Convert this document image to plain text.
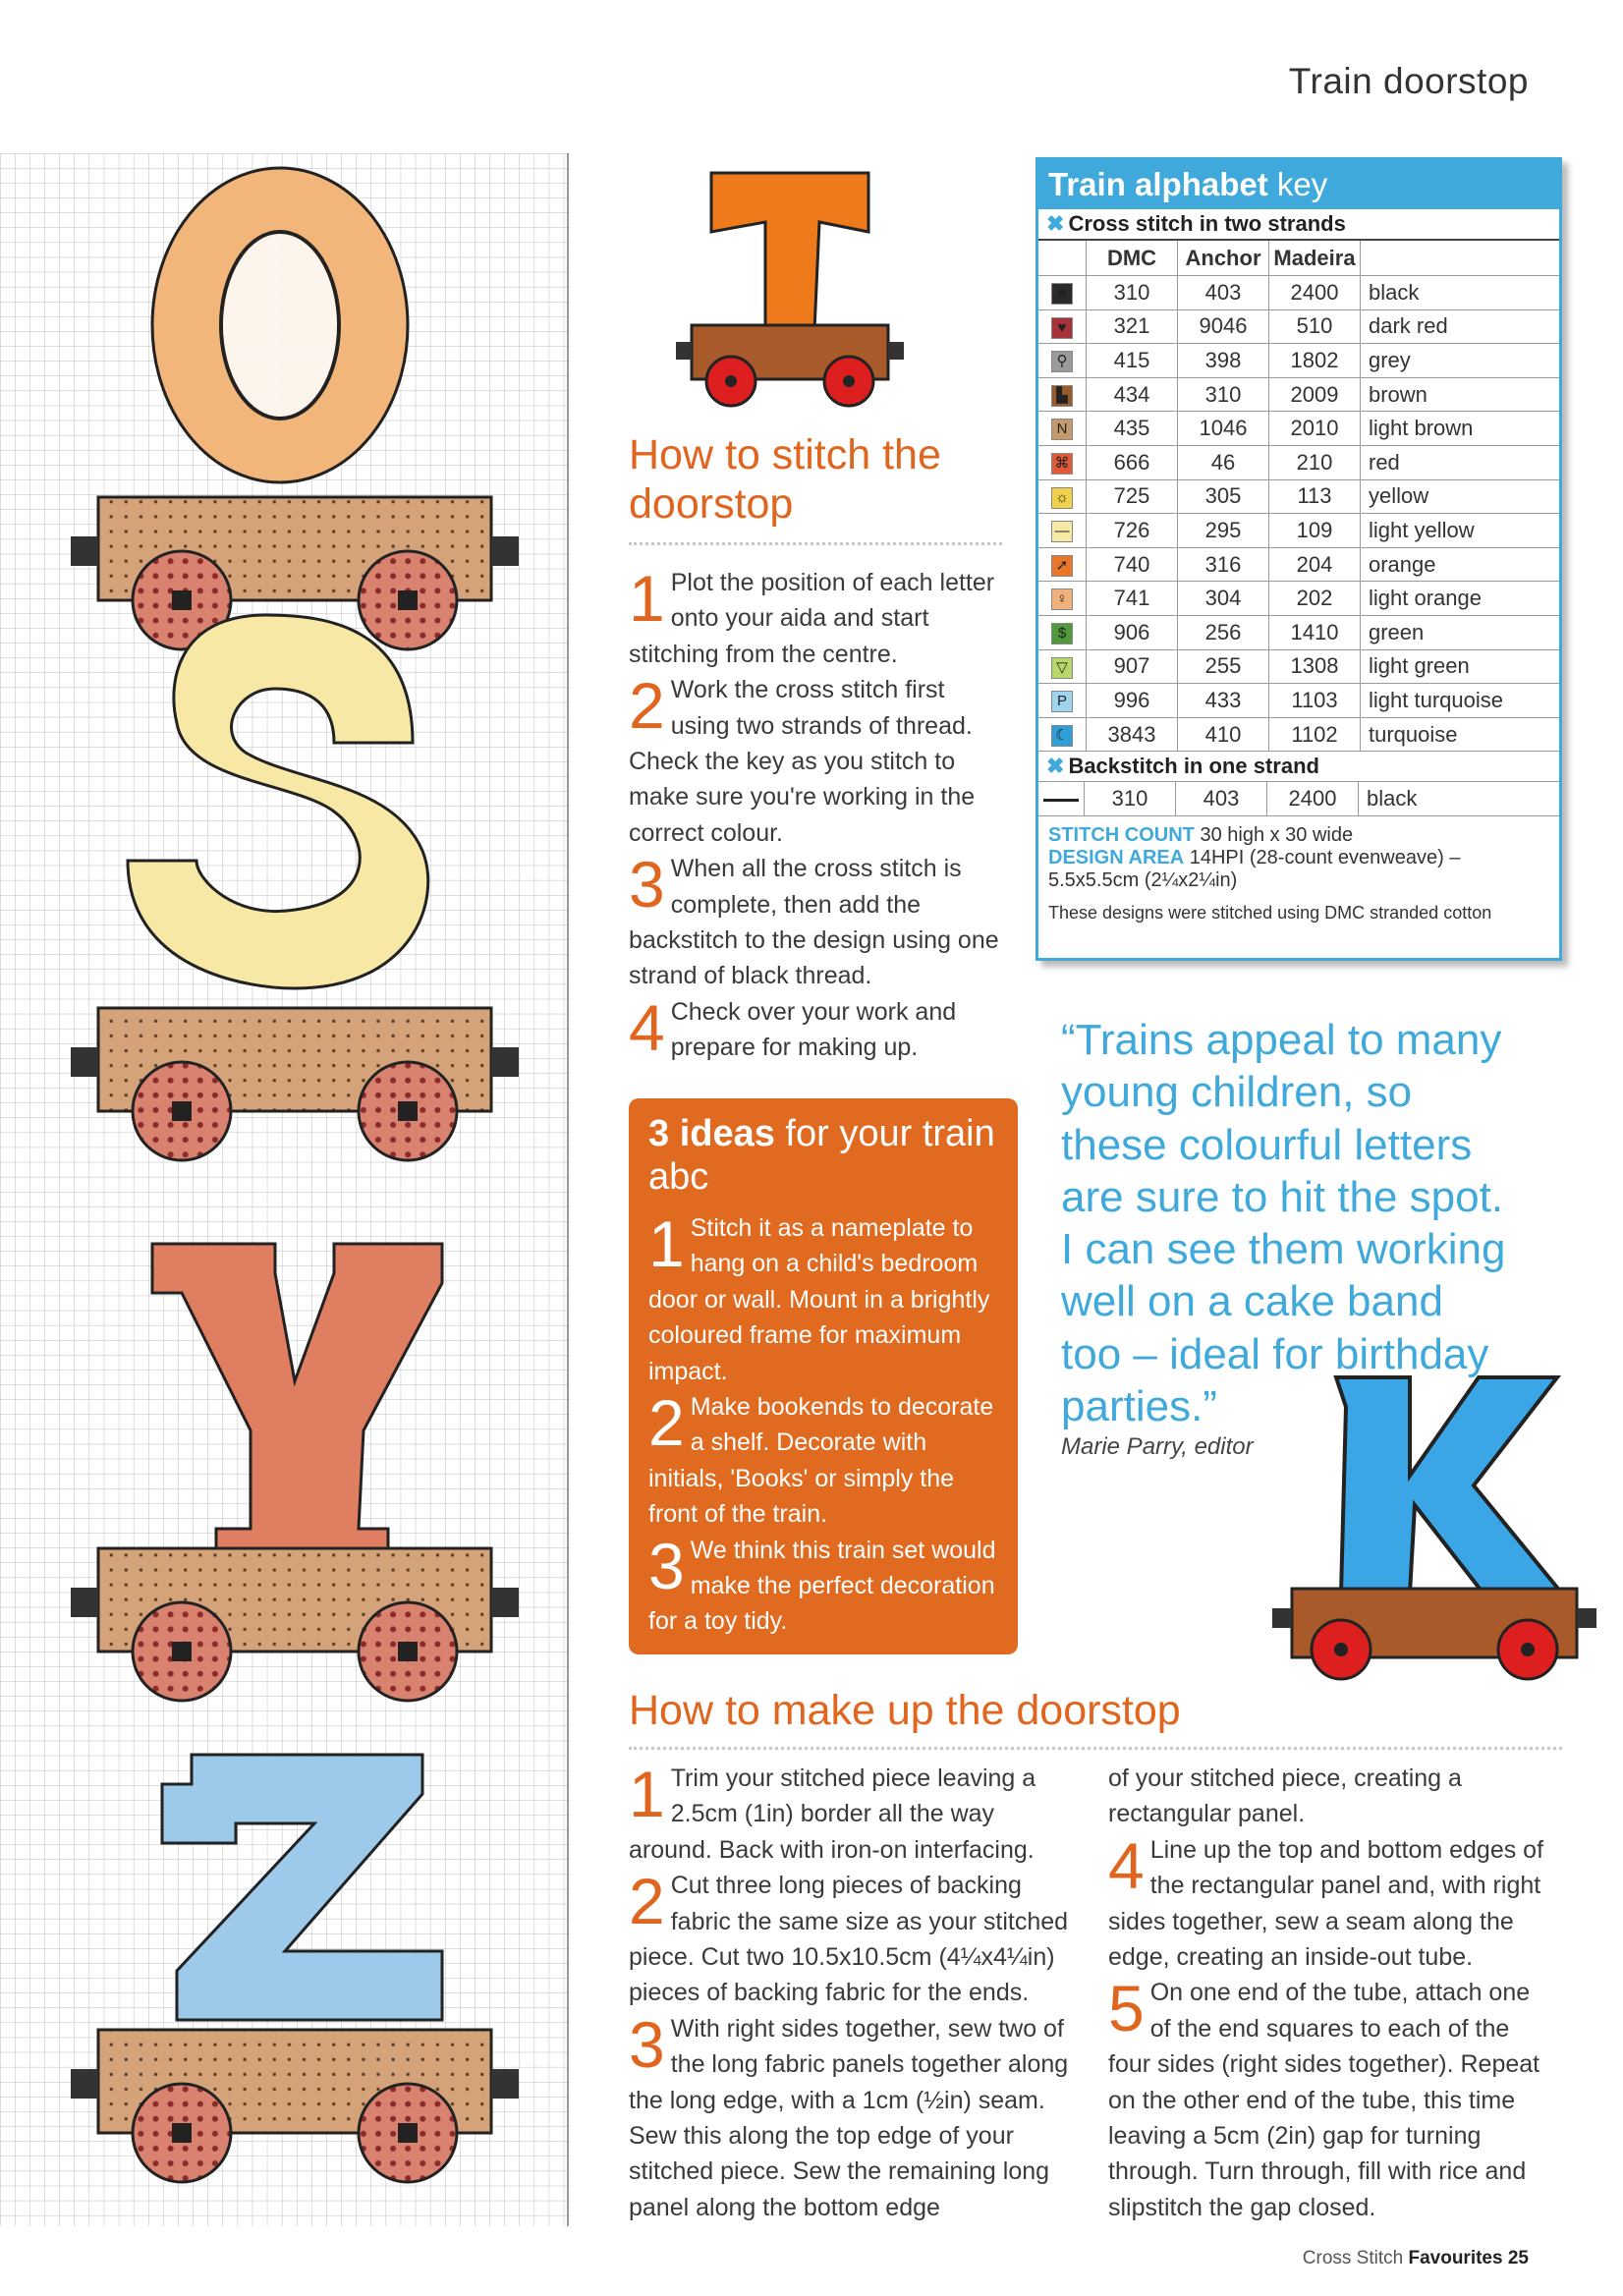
Train doorstop
How to stitch the doorstop

1 Plot the position of each letter onto your aida and start stitching from the centre.

2 Work the cross stitch first using two strands of thread. Check the key as you stitch to make sure you're working in the correct colour.

3 When all the cross stitch is complete, then add the backstitch to the design using one strand of black thread.

4 Check over your work and prepare for making up.

3 ideas for your train abc

1 Stitch it as a nameplate to hang on a child's bedroom door or wall. Mount in a brightly coloured frame for maximum impact.

2 Make bookends to decorate a shelf. Decorate with initials, 'Books' or simply the front of the train.

3 We think this train set would make the perfect decoration for a toy tidy.

Train alphabet key
✖ Cross stitch in two strands
	DMC	Anchor	Madeira	
■	310	403	2400	black
♥	321	9046	510	dark red
⚲	415	398	1802	grey
▙	434	310	2009	brown
N	435	1046	2010	light brown
⌘	666	46	210	red
☼	725	305	113	yellow
—	726	295	109	light yellow
➚	740	316	204	orange
♀	741	304	202	light orange
$	906	256	1410	green
▽	907	255	1308	light green
P	996	433	1103	light turquoise
☾	3843	410	1102	turquoise
✖ Backstitch in one strand
	310	403	2400	black
STITCH COUNT 30 high x 30 wide
DESIGN AREA 14HPI (28-count evenweave) – 5.5x5.5cm (2¼x2¼in)
These designs were stitched using DMC stranded cotton
“Trains appeal to many young children, so these colourful letters are sure to hit the spot. I can see them working well on a cake band too – ideal for birthday parties.”
Marie Parry, editor
How to make up the doorstop

1 Trim your stitched piece leaving a 2.5cm (1in) border all the way around. Back with iron-on interfacing.

2 Cut three long pieces of backing fabric the same size as your stitched piece. Cut two 10.5x10.5cm (4¼x4¼in) pieces of backing fabric for the ends.

3 With right sides together, sew two of the long fabric panels together along the long edge, with a 1cm (½in) seam. Sew this along the top edge of your stitched piece. Sew the remaining long panel along the bottom edge

of your stitched piece, creating a rectangular panel.

4 Line up the top and bottom edges of the rectangular panel and, with right sides together, sew a seam along the edge, creating an inside-out tube.

5 On one end of the tube, attach one of the end squares to each of the four sides (right sides together). Repeat on the other end of the tube, this time leaving a 5cm (2in) gap for turning through. Turn through, fill with rice and slipstitch the gap closed.

Cross Stitch Favourites 25
